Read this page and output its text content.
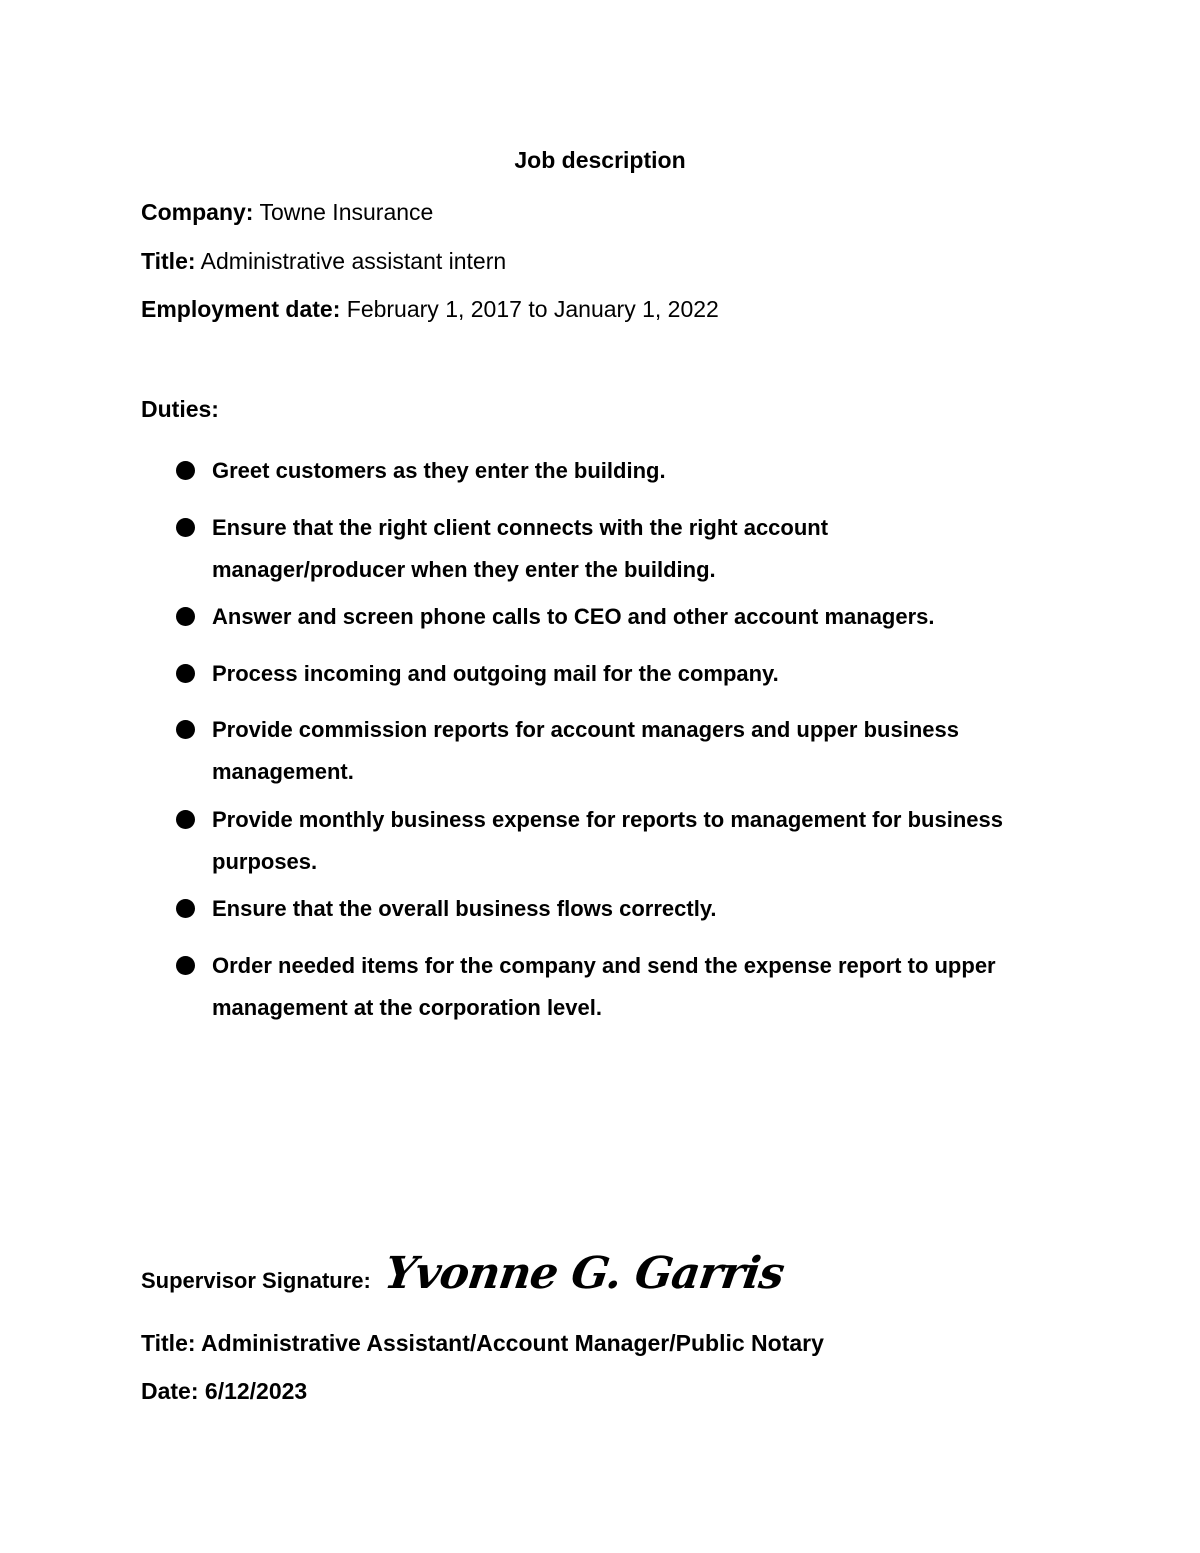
Job description
Company: Towne Insurance
Title: Administrative assistant intern
Employment date: February 1, 2017 to January 1, 2022
Duties:
Greet customers as they enter the building.
Ensure that the right client connects with the right account manager/producer when they enter the building.
Answer and screen phone calls to CEO and other account managers.
Process incoming and outgoing mail for the company.
Provide commission reports for account managers and upper business management.
Provide monthly business expense for reports to management for business purposes.
Ensure that the overall business flows correctly.
Order needed items for the company and send the expense report to upper management at the corporation level.
Supervisor Signature: Yvonne G. Garris
Title: Administrative Assistant/Account Manager/Public Notary
Date: 6/12/2023
